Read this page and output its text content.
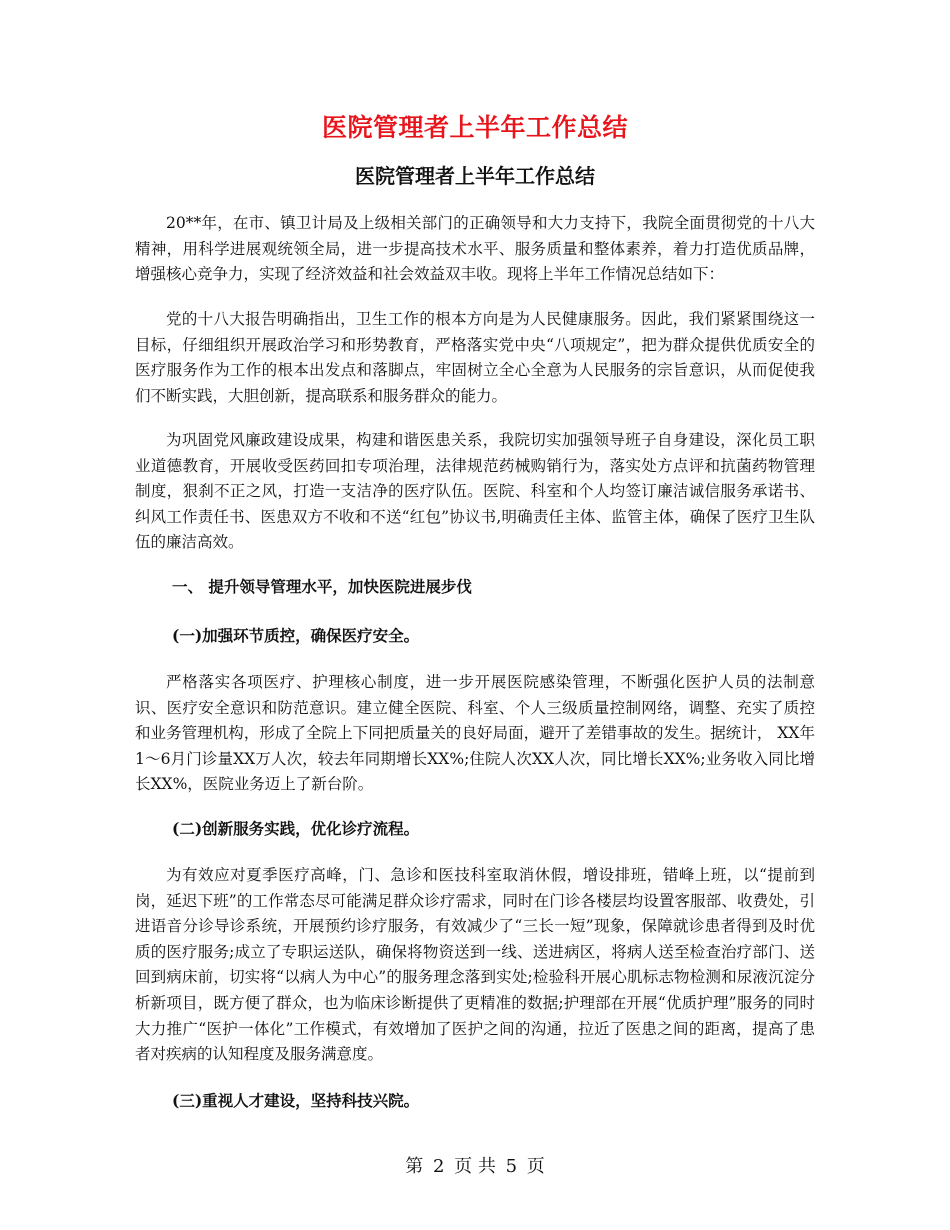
医院管理者上半年工作总结
医院管理者上半年工作总结

20**年，在市、镇卫计局及上级相关部门的正确领导和大力支持下，我院全面贯彻党的十八大精神，用科学进展观统领全局，进一步提高技术水平、服务质量和整体素养，着力打造优质品牌，增强核心竞争力，实现了经济效益和社会效益双丰收。现将上半年工作情况总结如下：

党的十八大报告明确指出，卫生工作的根本方向是为人民健康服务。因此，我们紧紧围绕这一目标，仔细组织开展政治学习和形势教育，严格落实党中央“八项规定”，把为群众提供优质安全的医疗服务作为工作的根本出发点和落脚点，牢固树立全心全意为人民服务的宗旨意识，从而促使我们不断实践，大胆创新，提高联系和服务群众的能力。

为巩固党风廉政建设成果，构建和谐医患关系，我院切实加强领导班子自身建设，深化员工职业道德教育，开展收受医药回扣专项治理，法律规范药械购销行为，落实处方点评和抗菌药物管理制度，狠刹不正之风，打造一支洁净的医疗队伍。医院、科室和个人均签订廉洁诚信服务承诺书、纠风工作责任书、医患双方不收和不送“红包”协议书,明确责任主体、监管主体，确保了医疗卫生队伍的廉洁高效。

一、 提升领导管理水平，加快医院进展步伐

(一)加强环节质控，确保医疗安全。

严格落实各项医疗、护理核心制度，进一步开展医院感染管理，不断强化医护人员的法制意识、医疗安全意识和防范意识。建立健全医院、科室、个人三级质量控制网络，调整、充实了质控和业务管理机构，形成了全院上下同把质量关的良好局面，避开了差错事故的发生。据统计， XX年1～6月门诊量XX万人次，较去年同期增长XX%;住院人次XX人次，同比增长XX%;业务收入同比增长XX%，医院业务迈上了新台阶。

(二)创新服务实践，优化诊疗流程。

为有效应对夏季医疗高峰，门、急诊和医技科室取消休假，增设排班，错峰上班，以“提前到岗，延迟下班”的工作常态尽可能满足群众诊疗需求，同时在门诊各楼层均设置客服部、收费处，引进语音分诊导诊系统，开展预约诊疗服务，有效减少了“三长一短”现象，保障就诊患者得到及时优质的医疗服务;成立了专职运送队，确保将物资送到一线、送进病区，将病人送至检查治疗部门、送回到病床前，切实将“以病人为中心”的服务理念落到实处;检验科开展心肌标志物检测和尿液沉淀分析新项目，既方便了群众，也为临床诊断提供了更精准的数据;护理部在开展“优质护理”服务的同时大力推广“医护一体化”工作模式，有效增加了医护之间的沟通，拉近了医患之间的距离，提高了患者对疾病的认知程度及服务满意度。

(三)重视人才建设，坚持科技兴院。

第 2 页 共 5 页
